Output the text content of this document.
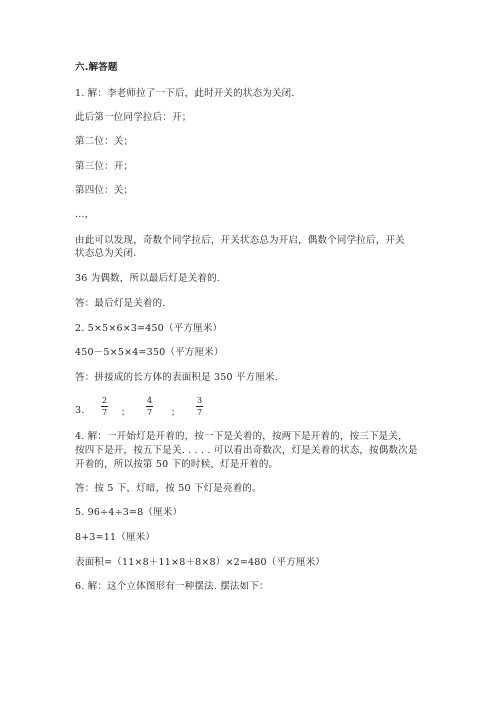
六.解答题
1. 解：李老师拉了一下后，此时开关的状态为关闭.
此后第一位同学拉后：开；
第二位：关；
第三位：开；
第四位：关；
…，
由此可以发现，奇数个同学拉后，开关状态总为开启，偶数个同学拉后，开关
状态总为关闭.
36 为偶数，所以最后灯是关着的.
答：最后灯是关着的.
2. 5×5×6×3=450（平方厘米）
450－5×5×4=350（平方厘米）
答：拼接成的长方体的表面积是 350 平方厘米.
3.
2
7 ；
4
7 ；
3
7
4. 解：一开始灯是开着的，按一下是关着的，按两下是开着的，按三下是关，
按四下是开，按五下是关. . . . . 可以看出奇数次，灯是关着的状态，按偶数次是
开着的，所以按第 50 下的时候，灯是开着的。
答：按 5 下，灯暗，按 50 下灯是亮着的。
5. 96÷4÷3=8（厘米）
8+3=11（厘米）
表面积=（11×8＋11×8＋8×8）×2=480（平方厘米）
6. 解：这个立体图形有一种摆法. 摆法如下：
